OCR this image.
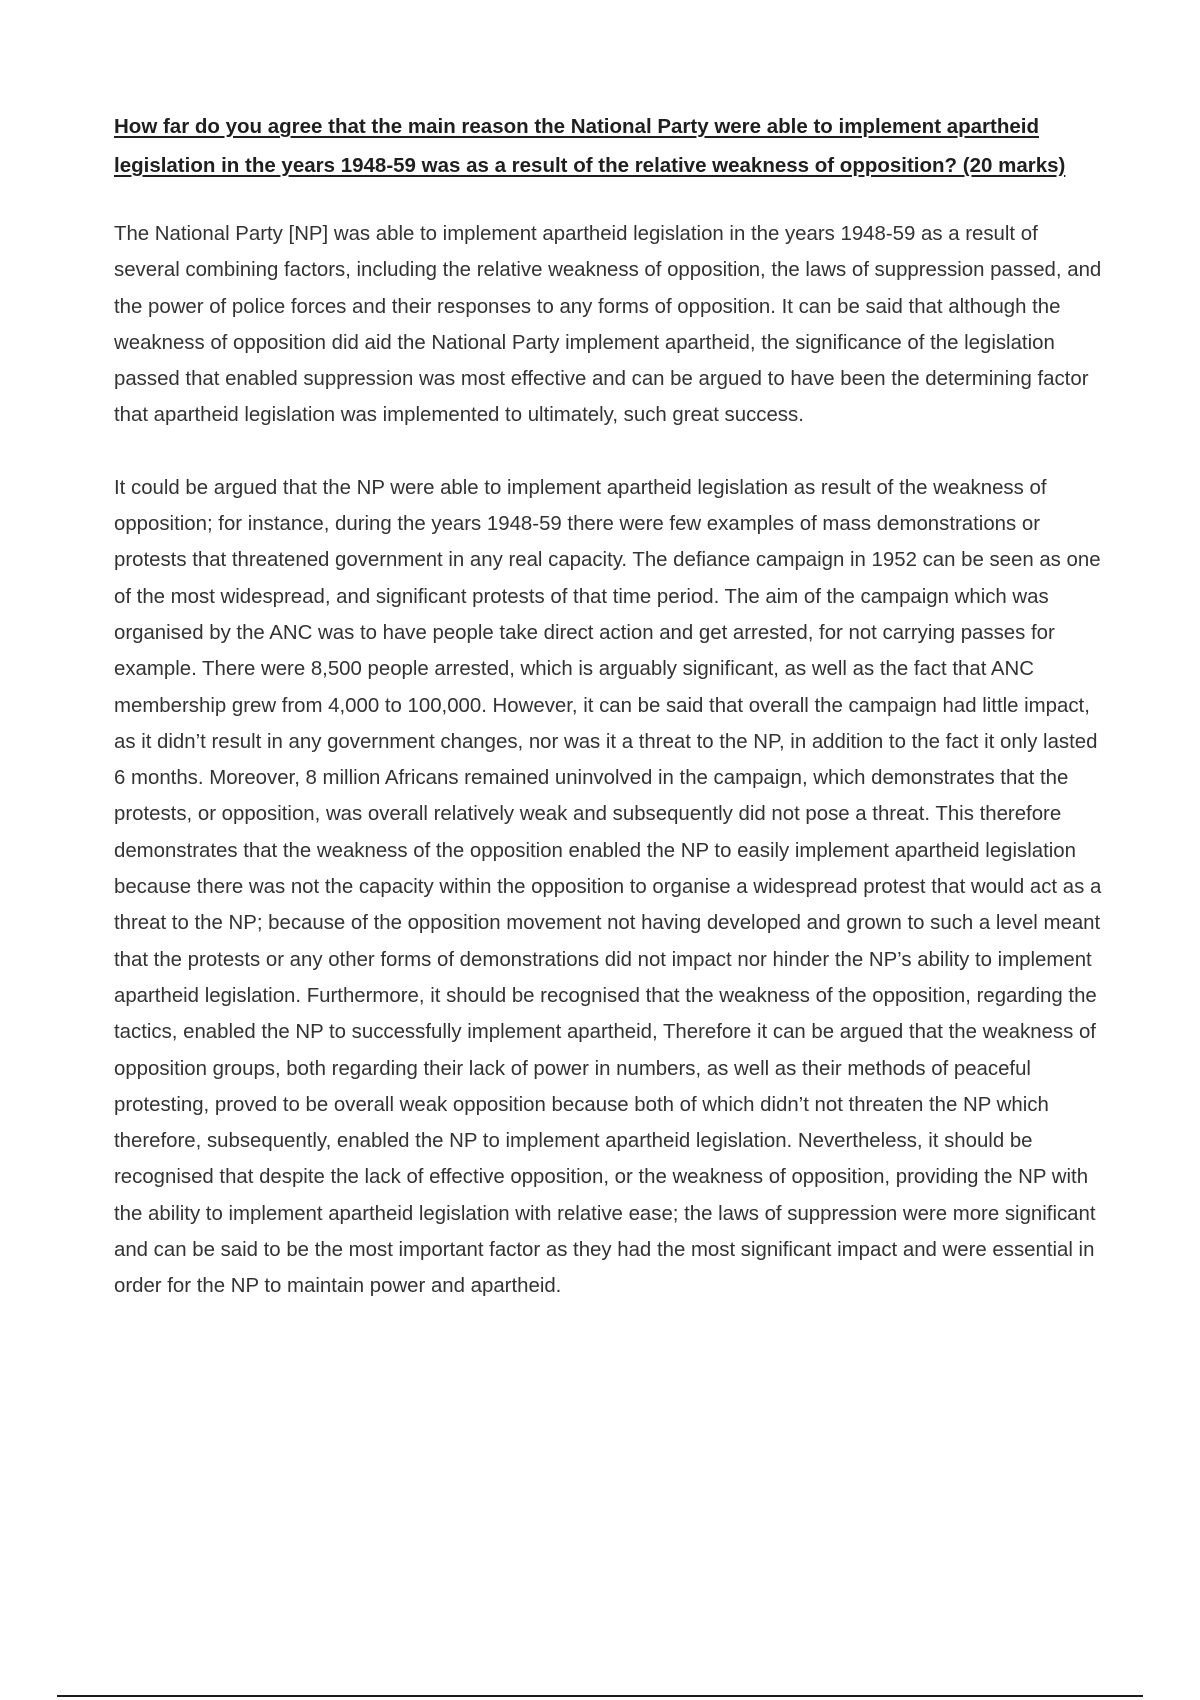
How far do you agree that the main reason the National Party were able to implement apartheid legislation in the years 1948-59 was as a result of the relative weakness of opposition? (20 marks)

The National Party [NP] was able to implement apartheid legislation in the years 1948-59 as a result of several combining factors, including the relative weakness of opposition, the laws of suppression passed, and the power of police forces and their responses to any forms of opposition. It can be said that although the weakness of opposition did aid the National Party implement apartheid, the significance of the legislation passed that enabled suppression was most effective and can be argued to have been the determining factor that apartheid legislation was implemented to ultimately, such great success.

It could be argued that the NP were able to implement apartheid legislation as result of the weakness of opposition; for instance, during the years 1948-59 there were few examples of mass demonstrations or protests that threatened government in any real capacity. The defiance campaign in 1952 can be seen as one of the most widespread, and significant protests of that time period. The aim of the campaign which was organised by the ANC was to have people take direct action and get arrested, for not carrying passes for example. There were 8,500 people arrested, which is arguably significant, as well as the fact that ANC membership grew from 4,000 to 100,000. However, it can be said that overall the campaign had little impact, as it didn’t result in any government changes, nor was it a threat to the NP, in addition to the fact it only lasted 6 months. Moreover, 8 million Africans remained uninvolved in the campaign, which demonstrates that the protests, or opposition, was overall relatively weak and subsequently did not pose a threat. This therefore demonstrates that the weakness of the opposition enabled the NP to easily implement apartheid legislation because there was not the capacity within the opposition to organise a widespread protest that would act as a threat to the NP; because of the opposition movement not having developed and grown to such a level meant that the protests or any other forms of demonstrations did not impact nor hinder the NP’s ability to implement apartheid legislation. Furthermore, it should be recognised that the weakness of the opposition, regarding the tactics, enabled the NP to successfully implement apartheid, Therefore it can be argued that the weakness of opposition groups, both regarding their lack of power in numbers, as well as their methods of peaceful protesting, proved to be overall weak opposition because both of which didn’t not threaten the NP which therefore, subsequently, enabled the NP to implement apartheid legislation. Nevertheless, it should be recognised that despite the lack of effective opposition, or the weakness of opposition, providing the NP with the ability to implement apartheid legislation with relative ease; the laws of suppression were more significant and can be said to be the most important factor as they had the most significant impact and were essential in order for the NP to maintain power and apartheid.
